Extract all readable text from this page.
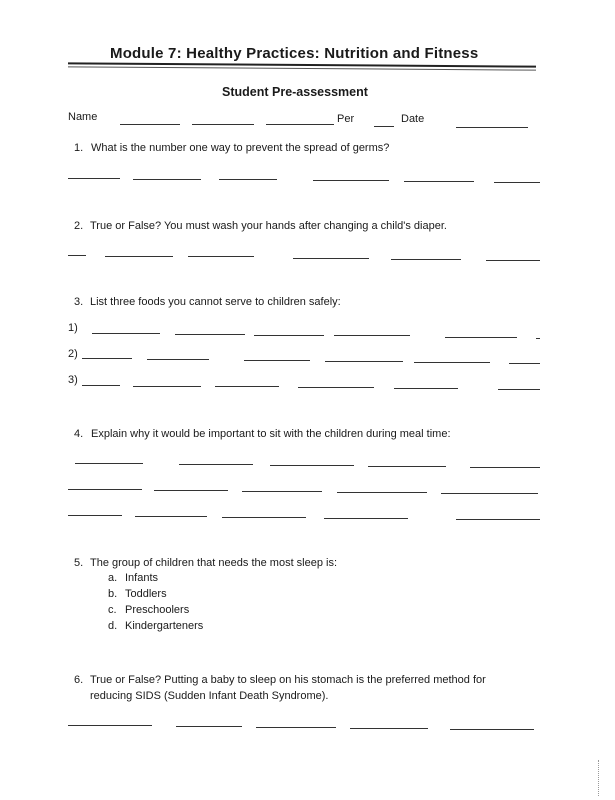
Module 7: Healthy Practices: Nutrition and Fitness
Student Pre-assessment
Name	Per	Date
1. What is the number one way to prevent the spread of germs?
2. True or False? You must wash your hands after changing a child's diaper.
3. List three foods you cannot serve to children safely:
1)
2)
3)
4. Explain why it would be important to sit with the children during meal time:
5. The group of children that needs the most sleep is:
a. Infants
b. Toddlers
c. Preschoolers
d. Kindergarteners
6. True or False? Putting a baby to sleep on his stomach is the preferred method for
reducing SIDS (Sudden Infant Death Syndrome).
